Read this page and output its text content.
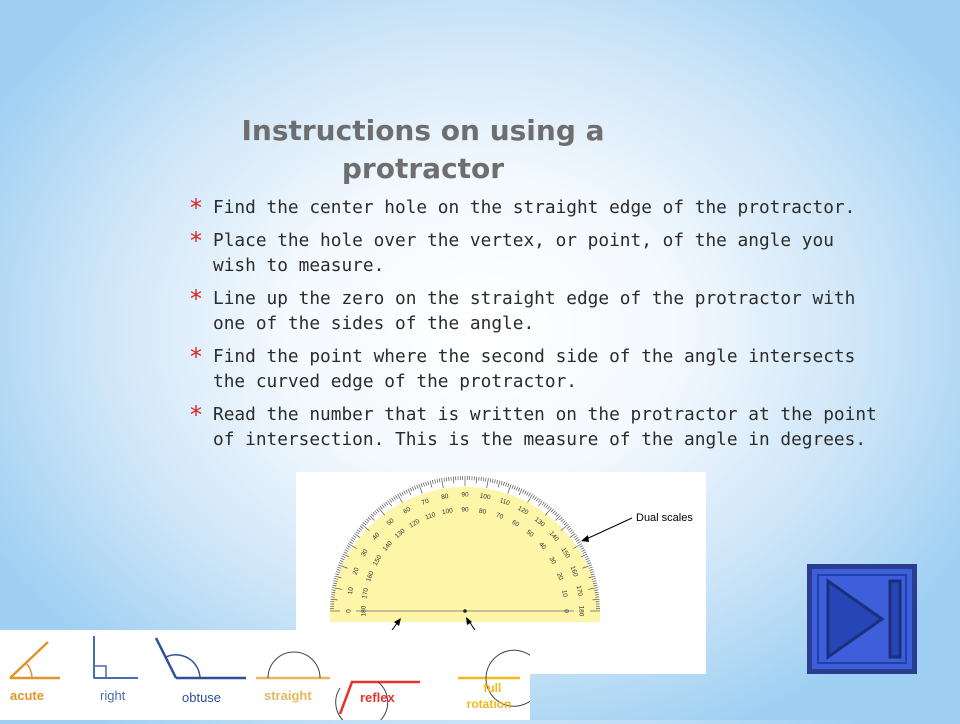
Instructions on using a protractor
* Find the center hole on the straight edge of the protractor.
* Place the hole over the vertex, or point, of the angle you wish to measure.
* Line up the zero on the straight edge of the protractor with one of the sides of the angle.
* Find the point where the second side of the angle intersects the curved edge of the protractor.
* Read the number that is written on the protractor at the point of intersection. This is the measure of the angle in degrees.
0
10
20
30
40
50
60
70
80 90 100
110
120
130
140
150
160
170
180
180
170
160
150
140
130
120
110 100 90 80
70
60
50
40
30
20
10
0
Dual scales
acute	right	obtuse	straight	reflex
full rotation
